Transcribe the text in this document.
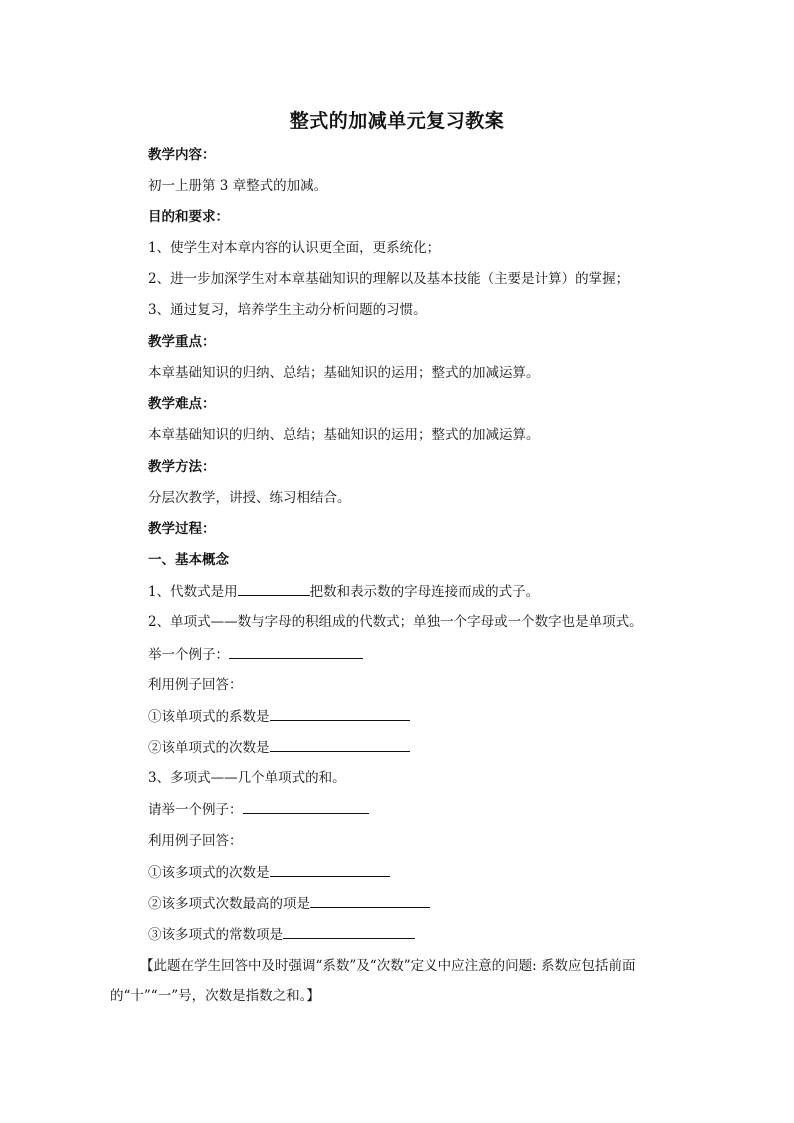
整式的加减单元复习教案
教学内容：
初一上册第 3 章整式的加减。
目的和要求：
1、使学生对本章内容的认识更全面，更系统化；
2、进一步加深学生对本章基础知识的理解以及基本技能（主要是计算）的掌握；
3、通过复习，培养学生主动分析问题的习惯。
教学重点：
本章基础知识的归纳、总结；基础知识的运用；整式的加减运算。
教学难点：
本章基础知识的归纳、总结；基础知识的运用；整式的加减运算。
教学方法：
分层次教学，讲授、练习相结合。
教学过程：
一、基本概念
1、代数式是用	把数和表示数的字母连接而成的式子。
2、单项式——数与字母的积组成的代数式；单独一个字母或一个数字也是单项式。
举一个例子：
利用例子回答：
①该单项式的系数是
②该单项式的次数是
3、多项式——几个单项式的和。
请举一个例子：
利用例子回答：
①该多项式的次数是
②该多项式次数最高的项是
③该多项式的常数项是
【此题在学生回答中及时强调“系数”及“次数”定义中应注意的问题: 系数应包括前面的“十”“一”号，次数是指数之和。】
